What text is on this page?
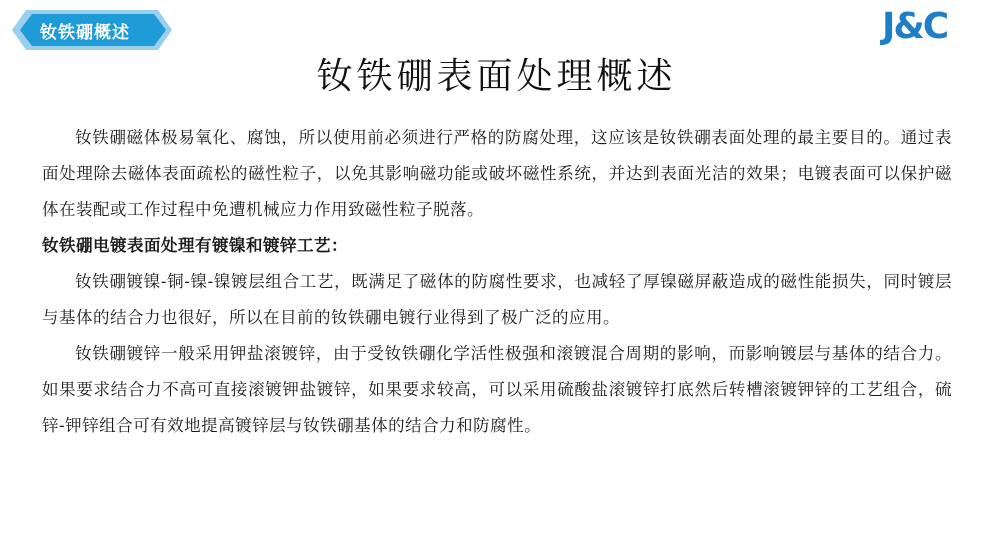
钕铁硼概述	J&C
钕铁硼表面处理概述

钕铁硼磁体极易氧化、腐蚀，所以使用前必须进行严格的防腐处理，这应该是钕铁硼表面处理的最主要目的。通过表面处理除去磁体表面疏松的磁性粒子，以免其影响磁功能或破坏磁性系统，并达到表面光洁的效果；电镀表面可以保护磁体在装配或工作过程中免遭机械应力作用致磁性粒子脱落。

钕铁硼电镀表面处理有镀镍和镀锌工艺：

钕铁硼镀镍-铜-镍-镍镀层组合工艺，既满足了磁体的防腐性要求，也减轻了厚镍磁屏蔽造成的磁性能损失，同时镀层与基体的结合力也很好，所以在目前的钕铁硼电镀行业得到了极广泛的应用。

钕铁硼镀锌一般采用钾盐滚镀锌，由于受钕铁硼化学活性极强和滚镀混合周期的影响，而影响镀层与基体的结合力。如果要求结合力不高可直接滚镀钾盐镀锌，如果要求较高，可以采用硫酸盐滚镀锌打底然后转槽滚镀钾锌的工艺组合，硫锌-钾锌组合可有效地提高镀锌层与钕铁硼基体的结合力和防腐性。
